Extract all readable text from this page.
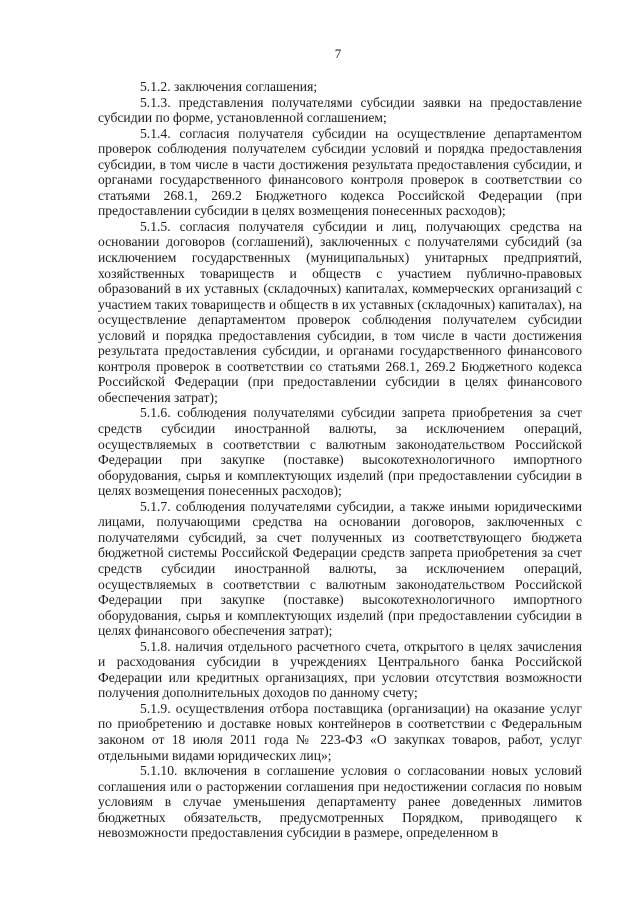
7

5.1.2. заключения соглашения;

5.1.3. представления получателями субсидии заявки на предоставление субсидии по форме, установленной соглашением;

5.1.4. согласия получателя субсидии на осуществление департаментом проверок соблюдения получателем субсидии условий и порядка предоставления субсидии, в том числе в части достижения результата предоставления субсидии, и органами государственного финансового контроля проверок в соответствии со статьями 268.1, 269.2 Бюджетного кодекса Российской Федерации (при предоставлении субсидии в целях возмещения понесенных расходов);

5.1.5. согласия получателя субсидии и лиц, получающих средства на основании договоров (соглашений), заключенных с получателями субсидий (за исключением государственных (муниципальных) унитарных предприятий, хозяйственных товариществ и обществ с участием публично-правовых образований в их уставных (складочных) капиталах, коммерческих организаций с участием таких товариществ и обществ в их уставных (складочных) капиталах), на осуществление департаментом проверок соблюдения получателем субсидии условий и порядка предоставления субсидии, в том числе в части достижения результата предоставления субсидии, и органами государственного финансового контроля проверок в соответствии со статьями 268.1, 269.2 Бюджетного кодекса Российской Федерации (при предоставлении субсидии в целях финансового обеспечения затрат);

5.1.6. соблюдения получателями субсидии запрета приобретения за счет средств субсидии иностранной валюты, за исключением операций, осуществляемых в соответствии с валютным законодательством Российской Федерации при закупке (поставке) высокотехнологичного импортного оборудования, сырья и комплектующих изделий (при предоставлении субсидии в целях возмещения понесенных расходов);

5.1.7. соблюдения получателями субсидии, а также иными юридическими лицами, получающими средства на основании договоров, заключенных с получателями субсидий, за счет полученных из соответствующего бюджета бюджетной системы Российской Федерации средств запрета приобретения за счет средств субсидии иностранной валюты, за исключением операций, осуществляемых в соответствии с валютным законодательством Российской Федерации при закупке (поставке) высокотехнологичного импортного оборудования, сырья и комплектующих изделий (при предоставлении субсидии в целях финансового обеспечения затрат);

5.1.8. наличия отдельного расчетного счета, открытого в целях зачисления и расходования субсидии в учреждениях Центрального банка Российской Федерации или кредитных организациях, при условии отсутствия возможности получения дополнительных доходов по данному счету;

5.1.9. осуществления отбора поставщика (организации) на оказание услуг по приобретению и доставке новых контейнеров в соответствии с Федеральным законом от 18 июля 2011 года № 223-ФЗ «О закупках товаров, работ, услуг отдельными видами юридических лиц»;

5.1.10. включения в соглашение условия о согласовании новых условий соглашения или о расторжении соглашения при недостижении согласия по новым условиям в случае уменьшения департаменту ранее доведенных лимитов бюджетных обязательств, предусмотренных Порядком, приводящего к невозможности предоставления субсидии в размере, определенном в
